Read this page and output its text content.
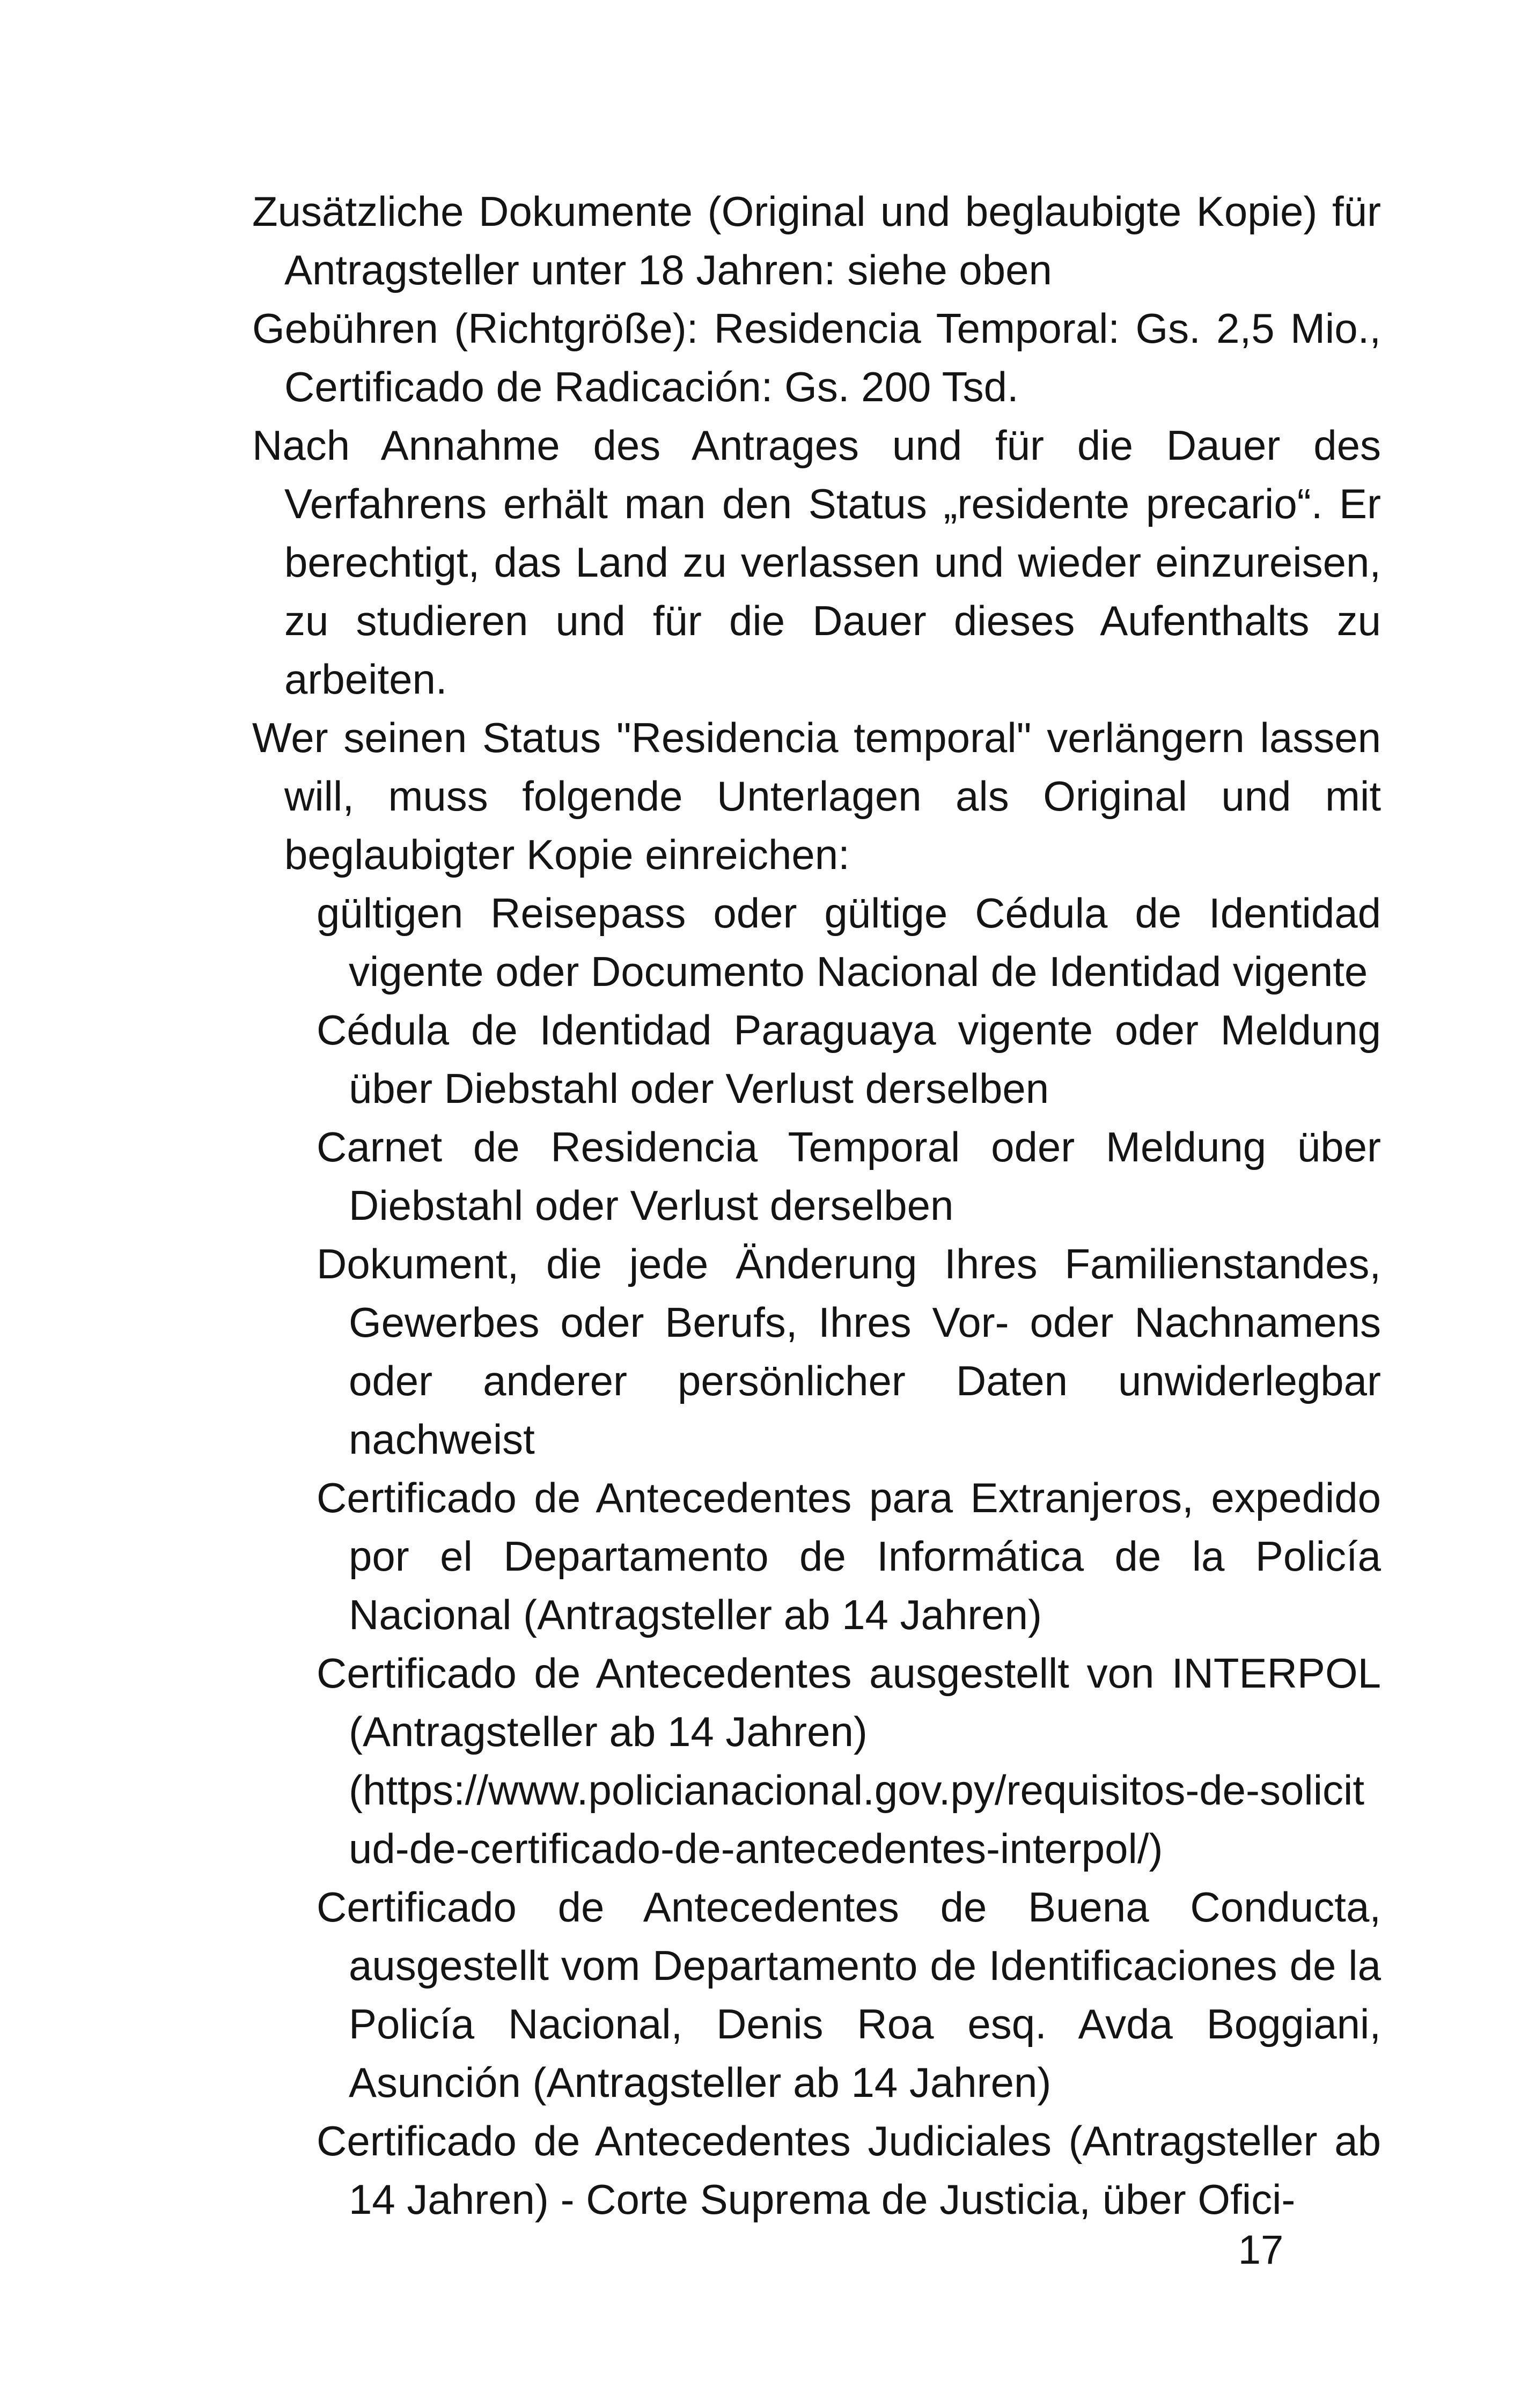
Zusätzliche Dokumente (Original und beglaubigte Kopie) für Antragsteller unter 18 Jahren: siehe oben

Gebühren (Richtgröße): Residencia Temporal: Gs. 2,5 Mio., Certificado de Radicación: Gs. 200 Tsd.

Nach Annahme des Antrages und für die Dauer des Verfahrens erhält man den Status „residente precario“. Er berechtigt, das Land zu verlassen und wieder einzureisen, zu studieren und für die Dauer dieses Aufenthalts zu arbeiten.

Wer seinen Status "Residencia temporal" verlängern lassen will, muss folgende Unterlagen als Original und mit beglaubigter Kopie einreichen:

gültigen Reisepass oder gültige Cédula de Identidad vigente oder Documento Nacional de Identidad vigente

Cédula de Identidad Paraguaya vigente oder Meldung über Diebstahl oder Verlust derselben

Carnet de Residencia Temporal oder Meldung über Diebstahl oder Verlust derselben

Dokument, die jede Änderung Ihres Familienstandes, Gewerbes oder Berufs, Ihres Vor- oder Nachnamens oder anderer persönlicher Daten unwiderlegbar nachweist

Certificado de Antecedentes para Extranjeros, expedido por el Departamento de Informática de la Policía Nacional (Antragsteller ab 14 Jahren)

Certificado de Antecedentes ausgestellt von INTERPOL (Antragsteller ab 14 Jahren)

(https://www.policianacional.gov.py/requisitos-de-solicitud-de-certificado-de-antecedentes-interpol/)

Certificado de Antecedentes de Buena Conducta, ausgestellt vom Departamento de Identificaciones de la Policía Nacional, Denis Roa esq. Avda Boggiani, Asunción (Antragsteller ab 14 Jahren)

Certificado de Antecedentes Judiciales (Antragsteller ab 14 Jahren) - Corte Suprema de Justicia, über Ofici-

17
